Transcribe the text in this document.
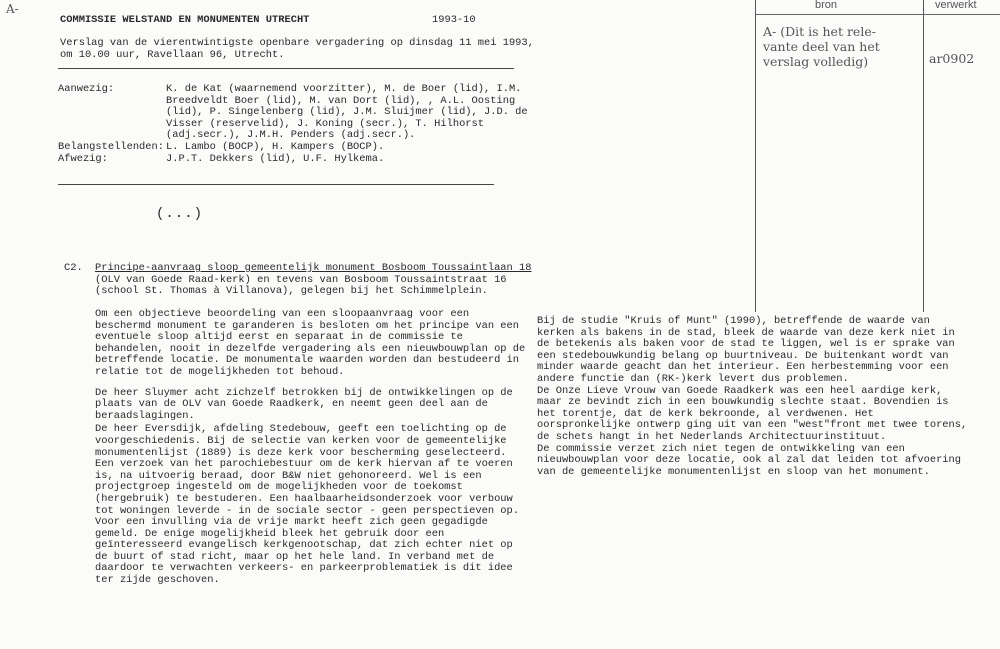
A-
COMMISSIE WELSTAND EN MONUMENTEN UTRECHT	1993-10
Verslag van de vierentwintigste openbare vergadering op dinsdag 11 mei 1993,
om 10.00 uur, Ravellaan 96, Utrecht.
Aanwezig:	K. de Kat (waarnemend voorzitter), M. de Boer (lid), I.M.
Breedveldt Boer (lid), M. van Dort (lid), , A.L. Oosting
(lid), P. Singelenberg (lid), J.M. Sluijmer (lid), J.D. de
Visser (reservelid), J. Koning (secr.), T. Hilhorst
(adj.secr.), J.M.H. Penders (adj.secr.).
Belangstellenden: L. Lambo (BOCP), H. Kampers (BOCP).
Afwezig:	J.P.T. Dekkers (lid), U.F. Hylkema.
(...)
C2. Principe-aanvraag sloop gemeentelijk monument Bosboom Toussaintlaan 18
(OLV van Goede Raad-kerk) en tevens van Bosboom Toussaintstraat 16
(school St. Thomas à Villanova), gelegen bij het Schimmelplein.
Om een objectieve beoordeling van een sloopaanvraag voor een
beschermd monument te garanderen is besloten om het principe van een
eventuele sloop altijd eerst en separaat in de commissie te
behandelen, nooit in dezelfde vergadering als een nieuwbouwplan op de
betreffende locatie. De monumentale waarden worden dan bestudeerd in
relatie tot de mogelijkheden tot behoud.
De heer Sluymer acht zichzelf betrokken bij de ontwikkelingen op de
plaats van de OLV van Goede Raadkerk, en neemt geen deel aan de
beraadslagingen.
De heer Eversdijk, afdeling Stedebouw, geeft een toelichting op de
voorgeschiedenis. Bij de selectie van kerken voor de gemeentelijke
monumentenlijst (1889) is deze kerk voor bescherming geselecteerd.
Een verzoek van het parochiebestuur om de kerk hiervan af te voeren
is, na uitvoerig beraad, door B&W niet gehonoreerd. Wel is een
projectgroep ingesteld om de mogelijkheden voor de toekomst
(hergebruik) te bestuderen. Een haalbaarheidsonderzoek voor verbouw
tot woningen leverde - in de sociale sector - geen perspectieven op.
Voor een invulling via de vrije markt heeft zich geen gegadigde
gemeld. De enige mogelijkheid bleek het gebruik door een
geïnteresseerd evangelisch kerkgenootschap, dat zich echter niet op
de buurt of stad richt, maar op het hele land. In verband met de
daardoor te verwachten verkeers- en parkeerproblematiek is dit idee
ter zijde geschoven.
Bij de studie "Kruis of Munt" (1990), betreffende de waarde van
kerken als bakens in de stad, bleek de waarde van deze kerk niet in
de betekenis als baken voor de stad te liggen, wel is er sprake van
een stedebouwkundig belang op buurtniveau. De buitenkant wordt van
minder waarde geacht dan het interieur. Een herbestemming voor een
andere functie dan (RK-)kerk levert dus problemen.
De Onze Lieve Vrouw van Goede Raadkerk was een heel aardige kerk,
maar ze bevindt zich in een bouwkundig slechte staat. Bovendien is
het torentje, dat de kerk bekroonde, al verdwenen. Het
oorspronkelijke ontwerp ging uit van een "west"front met twee torens,
de schets hangt in het Nederlands Architectuurinstituut.
De commissie verzet zich niet tegen de ontwikkeling van een
nieuwbouwplan voor deze locatie, ook al zal dat leiden tot afvoering
van de gemeentelijke monumentenlijst en sloop van het monument.
bron	verwerkt
A- (Dit is het rele-
vante deel van het
verslag volledig)	ar0902
